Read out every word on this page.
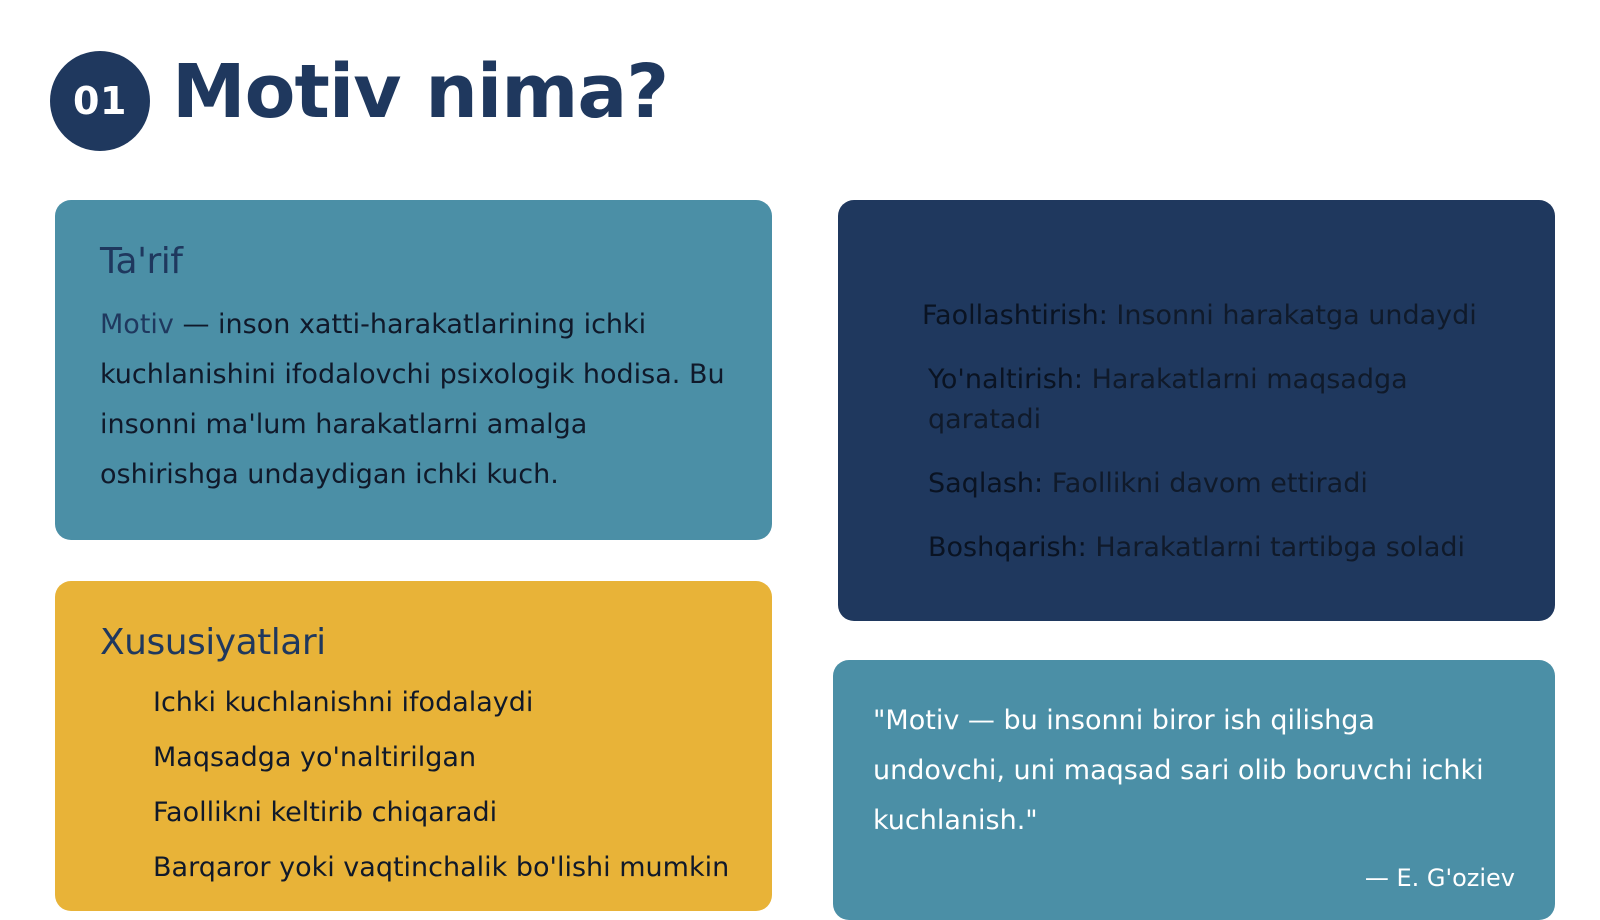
01 Motiv nima?
Ta'rif

Motiv — inson xatti-harakatlarining ichki kuchlanishini ifodalovchi psixologik hodisa. Bu insonni ma'lum harakatlarni amalga oshirishga undaydigan ichki kuch.

Xususiyatlari
Ichki kuchlanishni ifodalaydi
Maqsadga yo'naltirilgan
Faollikni keltirib chiqaradi
Barqaror yoki vaqtinchalik bo'lishi mumkin
Faollashtirish: Insonni harakatga undaydi
Yo'naltirish: Harakatlarni maqsadga qaratadi
Saqlash: Faollikni davom ettiradi
Boshqarish: Harakatlarni tartibga soladi

"Motiv — bu insonni biror ish qilishga undovchi, uni maqsad sari olib boruvchi ichki kuchlanish."

— E. G'oziev
